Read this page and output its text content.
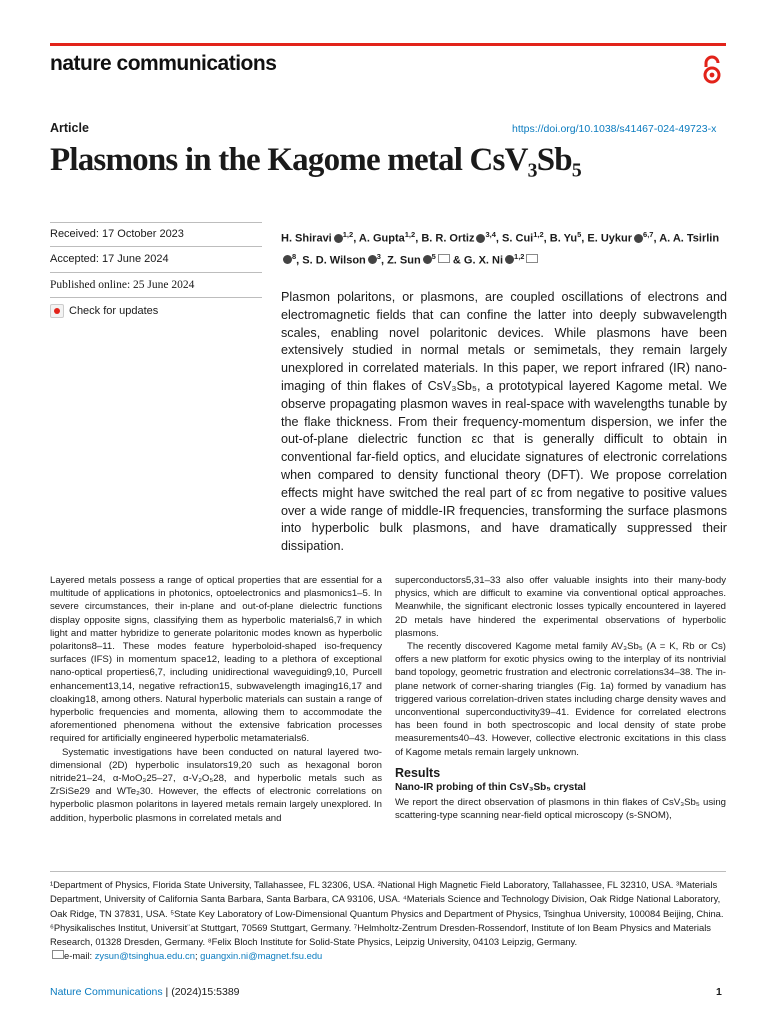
nature communications
Article	https://doi.org/10.1038/s41467-024-49723-x
Plasmons in the Kagome metal CsV₃Sb₅
Received: 17 October 2023
Accepted: 17 June 2024
Published online: 25 June 2024
Check for updates
H. Shiravi $^{1,2}$, A. Gupta$^{1,2}$, B. R. Ortiz $^{3,4}$, S. Cui$^{1,2}$, B. Yu$^5$, E. Uykur $^{6,7}$, A. A. Tsirlin$^8$, S. D. Wilson $^3$, Z. Sun $^5$ & G. X. Ni $^{1,2}$
Plasmon polaritons, or plasmons, are coupled oscillations of electrons and electromagnetic fields that can confine the latter into deeply subwavelength scales, enabling novel polaritonic devices. While plasmons have been extensively studied in normal metals or semimetals, they remain largely unexplored in correlated materials. In this paper, we report infrared (IR) nano-imaging of thin flakes of CsV₃Sb₅, a prototypical layered Kagome metal. We observe propagating plasmon waves in real-space with wavelengths tunable by the flake thickness. From their frequency-momentum dispersion, we infer the out-of-plane dielectric function εc that is generally difficult to obtain in conventional far-field optics, and elucidate signatures of electronic correlations when compared to density functional theory (DFT). We propose correlation effects might have switched the real part of εc from negative to positive values over a wide range of middle-IR frequencies, transforming the surface plasmons into hyperbolic bulk plasmons, and have dramatically suppressed their dissipation.

Layered metals possess a range of optical properties that are essential for a multitude of applications in photonics, optoelectronics and plasmonics1–5. In severe circumstances, their in-plane and out-of-plane dielectric functions display opposite signs, classifying them as hyperbolic materials6,7 in which light and matter hybridize to generate polaritonic modes known as hyperbolic polaritons8–11. These modes feature hyperboloid-shaped iso-frequency surfaces (IFS) in momentum space12, leading to a plethora of exceptional nano-optical properties6,7, including unidirectional waveguiding9,10, Purcell enhancement13,14, negative refraction15, subwavelength imaging16,17 and cloaking18, among others. Natural hyperbolic materials can sustain a range of hyperbolic frequencies and momenta, allowing them to accommodate the aforementioned phenomena without the extensive fabrication processes required for artificially engineered hyperbolic metamaterials6.

Systematic investigations have been conducted on natural layered two-dimensional (2D) hyperbolic insulators19,20 such as hexagonal boron nitride21–24, α-MoO₃25–27, α-V₂O₅28, and hyperbolic metals such as ZrSiSe29 and WTe₂30. However, the effects of electronic correlations on hyperbolic plasmon polaritons in layered metals remain largely unexplored. In addition, hyperbolic plasmons in correlated metals and

superconductors5,31–33 also offer valuable insights into their many-body physics, which are difficult to examine via conventional optical approaches. Meanwhile, the significant electronic losses typically encountered in layered 2D metals have hindered the experimental observations of hyperbolic plasmons.

The recently discovered Kagome metal family AV₃Sb₅ (A = K, Rb or Cs) offers a new platform for exotic physics owing to the interplay of its nontrivial band topology, geometric frustration and electronic correlations34–38. The in-plane network of corner-sharing triangles (Fig. 1a) formed by vanadium has triggered various correlation-driven states including charge density waves and unconventional superconductivity39–41. Evidence for correlated electrons has been found in both spectroscopic and local density of state probe measurements40–43. However, collective electronic excitations in this class of Kagome metals remain largely unknown.

Results
Nano-IR probing of thin CsV₃Sb₅ crystal

We report the direct observation of plasmons in thin flakes of CsV₃Sb₅ using scattering-type scanning near-field optical microscopy (s-SNOM),

¹Department of Physics, Florida State University, Tallahassee, FL 32306, USA. ²National High Magnetic Field Laboratory, Tallahassee, FL 32310, USA. ³Materials Department, University of California Santa Barbara, Santa Barbara, CA 93106, USA. ⁴Materials Science and Technology Division, Oak Ridge National Laboratory, Oak Ridge, TN 37831, USA. ⁵State Key Laboratory of Low-Dimensional Quantum Physics and Department of Physics, Tsinghua University, 100084 Beijing, China. ⁶Physikalisches Institut, Universit¨at Stuttgart, 70569 Stuttgart, Germany. ⁷Helmholtz-Zentrum Dresden-Rossendorf, Institute of Ion Beam Physics and Materials Research, 01328 Dresden, Germany. ⁸Felix Bloch Institute for Solid-State Physics, Leipzig University, 04103 Leipzig, Germany.
e-mail: zysun@tsinghua.edu.cn; guangxin.ni@magnet.fsu.edu
Nature Communications | (2024)15:5389	1
